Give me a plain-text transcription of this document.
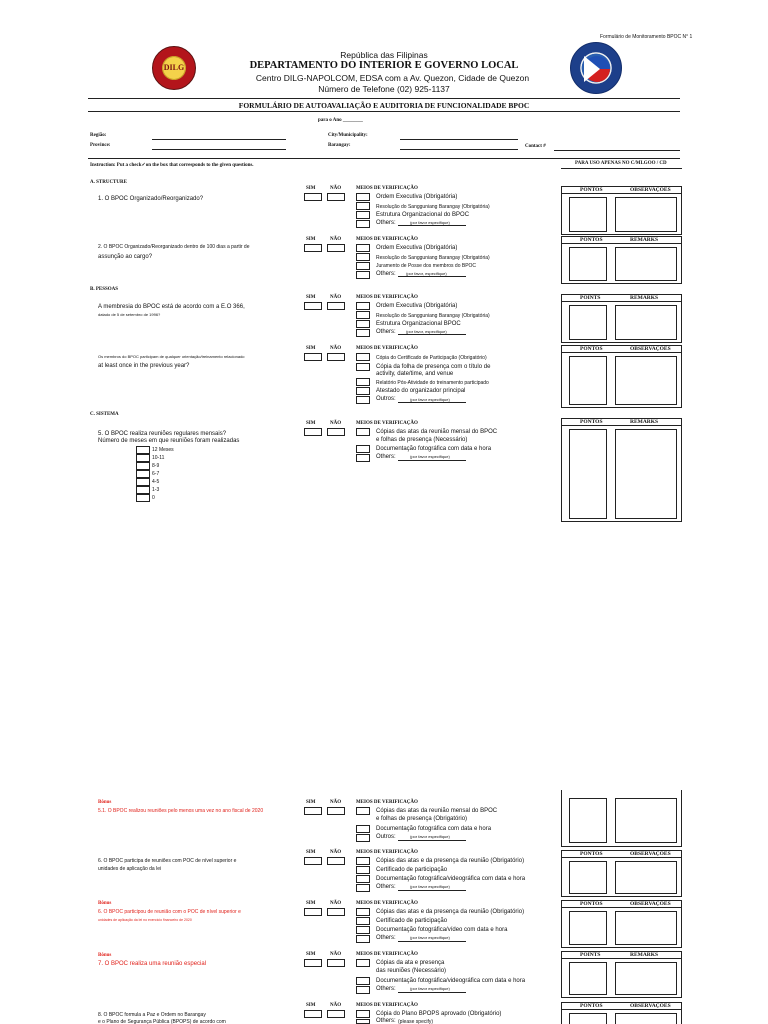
Formulário de Monitoramento BPOC N° 1
DILG
República das Filipinas
DEPARTAMENTO DO INTERIOR E GOVERNO LOCAL
Centro DILG-NAPOLCOM, EDSA com a Av. Quezon, Cidade de Quezon
Número de Telefone (02) 925-1137
FORMULÁRIO DE AUTOAVALIAÇÃO E AUDITORIA DE FUNCIONALIDADE BPOC
para o Ano ________
Região:
Province:
City/Municipality:
Barangay:	Contact #
Instruction: Put a check✓on the box that corresponds to the given questions.	PARA USO APENAS NO C/MLGOO / CD
A. STRUCTURE
1. O BPOC Organizado/Reorganizado?
SIM	NÃO	MEIOS DE VERIFICAÇÃO
Ordem Executiva (Obrigatória)
Resolução do Sangguniang Barangay (Obrigatória)
Estrutura Organizacional do BPOC
Others:	(por favor especifique)
PONTOS	OBSERVAÇÕES
2. O BPOC Organizado/Reorganizado dentro de 100 dias a partir de
assunção ao cargo?
SIM	NÃO	MEIOS DE VERIFICAÇÃO
Ordem Executiva (Obrigatória)
Resolução do Sangguniang Barangay (Obrigatória)
Juramento de Posse dos membros do BPOC
Others:	(por favor, especifique)
PONTOS	REMARKS
B. PESSOAS
A membresia do BPOC está de acordo com a E.O 366,
datado de 5 de setembro de 1996?
SIM	NÃO	MEIOS DE VERIFICAÇÃO
Ordem Executiva (Obrigatória)
Resolução do Sangguniang Barangay (Obrigatória)
Estrutura Organizacional BPOC
Others:	(por favor, especifique)
POINTS	REMARKS
Os membros do BPOC participam de qualquer orientação/treinamento relacionado
at least once in the previous year?
SIM	NÃO	MEIOS DE VERIFICAÇÃO
Cópia do Certificado de Participação (Obrigatório)
Cópia da folha de presença com o título de
activity, date/time, and venue
Relatório Pós-Atividade do treinamento participado
Atestado do organizador principal
Outros:	(por favor especifique)
PONTOS	OBSERVAÇÕES
C. SISTEMA
5. O BPOC realiza reuniões regulares mensais?
Número de meses em que reuniões foram realizadas
12 Meses
10-11
8-9
6-7
4-5
1-3
0
SIM	NÃO	MEIOS DE VERIFICAÇÃO
Cópias das atas da reunião mensal do BPOC
e folhas de presença (Necessário)
Documentação fotográfica com data e hora
Others:	(por favor especifique)
PONTOS	REMARKS
Bônus
5.1. O BPOC realizou reuniões pelo menos uma vez no ano fiscal de 2020
SIM	NÃO	MEIOS DE VERIFICAÇÃO
Cópias das atas da reunião mensal do BPOC
e folhas de presença (Obrigatório)
Documentação fotográfica com data e hora
Outros:	(por favor especifique)
6. O BPOC participa de reuniões com POC de nível superior e
unidades de aplicação da lei
SIM	NÃO	MEIOS DE VERIFICAÇÃO
Cópias das atas e da presença da reunião (Obrigatório)
Certificado de participação
Documentação fotográfica/videográfica com data e hora
Others:	(por favor especifique)
PONTOS	OBSERVAÇÕES
Bônus
6. O BPOC participou de reunião com o POC de nível superior e
unidades de aplicação da lei no exercício financeiro de 2020
SIM	NÃO	MEIOS DE VERIFICAÇÃO
Cópias das atas e da presença da reunião (Obrigatório)
Certificado de participação
Documentação fotográfica/vídeo com data e hora
Others:	(por favor especifique)
PONTOS	OBSERVAÇÕES
Bônus
7. O BPOC realiza uma reunião especial
SIM	NÃO	MEIOS DE VERIFICAÇÃO
Cópias da ata e presença
das reuniões (Necessário)
Documentação fotográfica/videográfica com data e hora
Others:	(por favor especifique)
POINTS	REMARKS
8. O BPOC formula a Paz e Ordem no Barangay
e o Plano de Segurança Pública (BPOPS) de acordo com
SIM	NÃO	MEIOS DE VERIFICAÇÃO
Cópia do Plano BPOPS aprovado (Obrigatório)
Others: (please specify)
PONTOS	OBSERVAÇÕES
